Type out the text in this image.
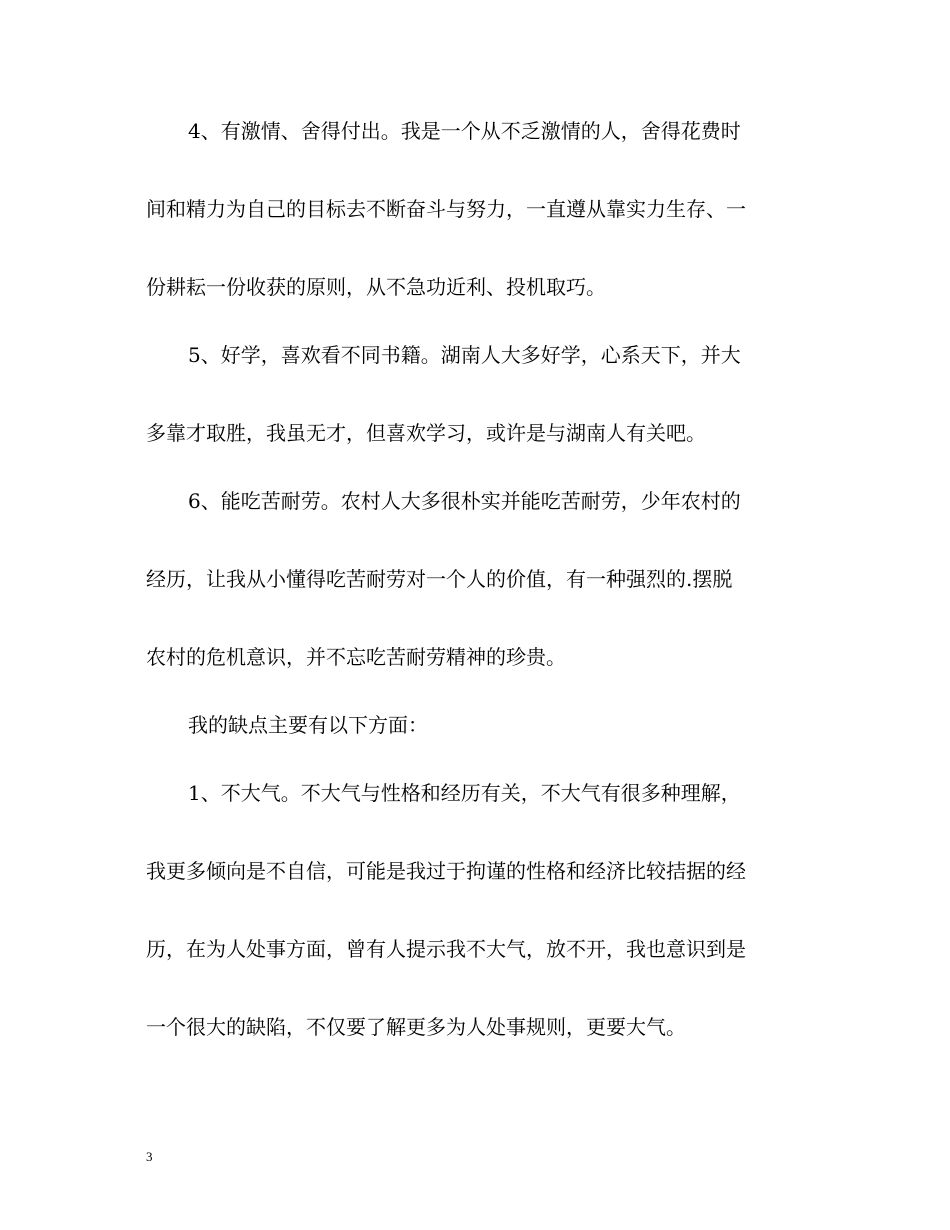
4、有激情、舍得付出。我是一个从不乏激情的人，舍得花费时
间和精力为自己的目标去不断奋斗与努力，一直遵从靠实力生存、一
份耕耘一份收获的原则，从不急功近利、投机取巧。
5、好学，喜欢看不同书籍。湖南人大多好学，心系天下，并大
多靠才取胜，我虽无才，但喜欢学习，或许是与湖南人有关吧。
6、能吃苦耐劳。农村人大多很朴实并能吃苦耐劳，少年农村的
经历，让我从小懂得吃苦耐劳对一个人的价值，有一种强烈的.摆脱
农村的危机意识，并不忘吃苦耐劳精神的珍贵。
我的缺点主要有以下方面：
1、不大气。不大气与性格和经历有关，不大气有很多种理解，
我更多倾向是不自信，可能是我过于拘谨的性格和经济比较拮据的经
历，在为人处事方面，曾有人提示我不大气，放不开，我也意识到是
一个很大的缺陷，不仅要了解更多为人处事规则，更要大气。
3
